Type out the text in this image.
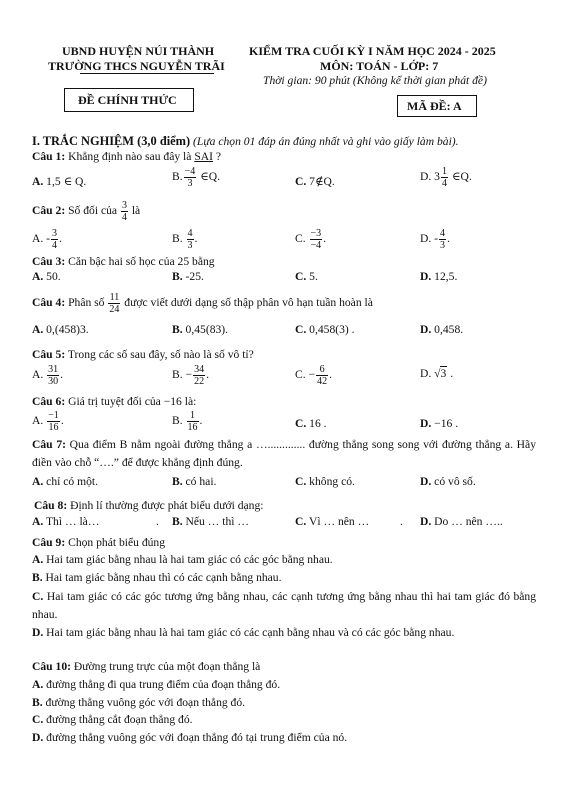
UBND HUYỆN NÚI THÀNH
TRƯỜNG THCS NGUYỄN TRÃI
KIỂM TRA CUỐI KỲ I NĂM HỌC 2024 - 2025
MÔN: TOÁN - LỚP: 7
Thời gian: 90 phút (Không kể thời gian phát đề)
ĐỀ CHÍNH THỨC	MÃ ĐỀ: A
I. TRẮC NGHIỆM (3,0 điểm) (Lựa chọn 01 đáp án đúng nhất và ghi vào giấy làm bài).
Câu 1: Khẳng định nào sau đây là SAI ?
A. 1,5 ∈ Q.	B. $\frac{-4}{3}$ ∈Q.	C. 7∉Q.	D. $3 \frac{1}{4}$ ∈Q.
Câu 2: Số đối của $\frac{3}{4}$ là
A. - $\frac{3}{4}$ .	B. $\frac{4}{3}$ .	C. $\frac{-3}{-4}$ .	D. - $\frac{4}{3}$ .
Câu 3: Căn bậc hai số học của 25 bằng
A. 50.	B. -25.	C. 5.	D. 12,5.
Câu 4: Phân số $\frac{11}{24}$ được viết dưới dạng số thập phân vô hạn tuần hoàn là
A. 0,(458)3.	B. 0,45(83).	C. 0,458(3) .	D. 0,458.
Câu 5: Trong các số sau đây, số nào là số vô tỉ?
A. $\frac{31}{30}$ .	B. − $\frac{34}{22}$ .	C. − $\frac{6}{42}$ .	D. √3 .
Câu 6: Giá trị tuyệt đối của −16 là:
A. $\frac{-1}{16}$ .	B. $\frac{1}{16}$ .	C. 16 .	D. −16 .
Câu 7: Qua điểm B nằm ngoài đường thẳng a …............. đường thẳng song song với đường thẳng a. Hãy điền vào chỗ “….” để được khẳng định đúng.
A. chỉ có một.	B. có hai.	C. không có.	D. có vô số.
Câu 8: Định lí thường được phát biểu dưới dạng:
A. Thì … là…	. B. Nếu … thì …	C. Vì … nên …	. D. Do … nên …..
Câu 9: Chọn phát biểu đúng
A. Hai tam giác bằng nhau là hai tam giác có các góc bằng nhau.
B. Hai tam giác bằng nhau thì có các cạnh bằng nhau.
C. Hai tam giác có các góc tương ứng bằng nhau, các cạnh tương ứng bằng nhau thì hai tam giác đó bằng nhau.
D. Hai tam giác bằng nhau là hai tam giác có các cạnh bằng nhau và có các góc bằng nhau.
Câu 10: Đường trung trực của một đoạn thẳng là
A. đường thẳng đi qua trung điểm của đoạn thẳng đó.
B. đường thẳng vuông góc với đoạn thẳng đó.
C. đường thẳng cắt đoạn thẳng đó.
D. đường thẳng vuông góc với đoạn thẳng đó tại trung điểm của nó.
